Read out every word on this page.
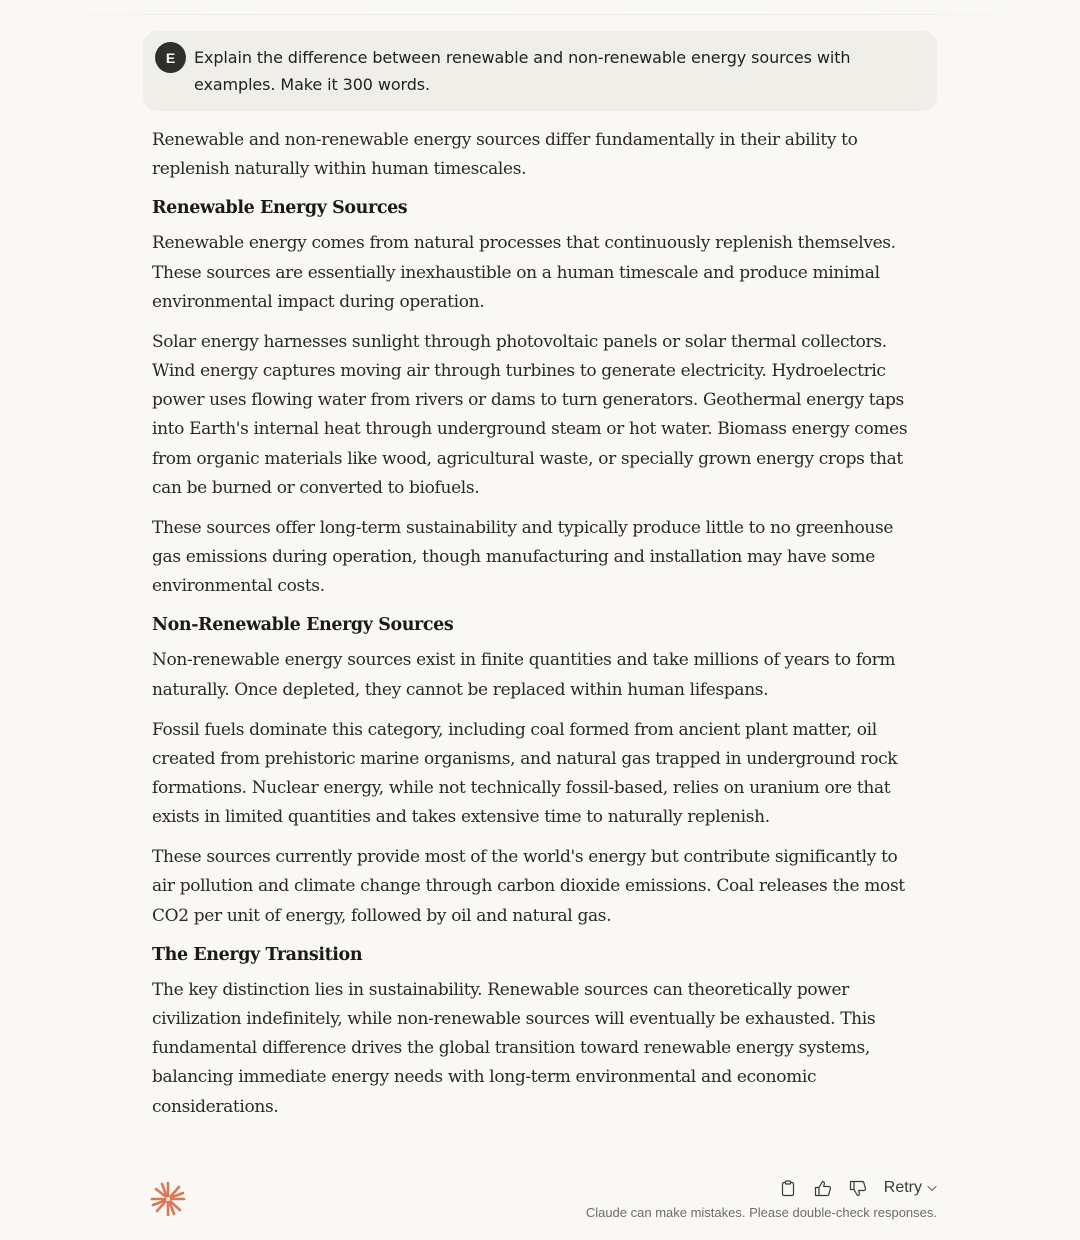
E	Explain the difference between renewable and non-renewable energy sources with examples. Make it 300 words.

Renewable and non-renewable energy sources differ fundamentally in their ability to replenish naturally within human timescales.

Renewable Energy Sources

Renewable energy comes from natural processes that continuously replenish themselves. These sources are essentially inexhaustible on a human timescale and produce minimal environmental impact during operation.

Solar energy harnesses sunlight through photovoltaic panels or solar thermal collectors. Wind energy captures moving air through turbines to generate electricity. Hydroelectric power uses flowing water from rivers or dams to turn generators. Geothermal energy taps into Earth's internal heat through underground steam or hot water. Biomass energy comes from organic materials like wood, agricultural waste, or specially grown energy crops that can be burned or converted to biofuels.

These sources offer long-term sustainability and typically produce little to no greenhouse gas emissions during operation, though manufacturing and installation may have some environmental costs.

Non-Renewable Energy Sources

Non-renewable energy sources exist in finite quantities and take millions of years to form naturally. Once depleted, they cannot be replaced within human lifespans.

Fossil fuels dominate this category, including coal formed from ancient plant matter, oil created from prehistoric marine organisms, and natural gas trapped in underground rock formations. Nuclear energy, while not technically fossil-based, relies on uranium ore that exists in limited quantities and takes extensive time to naturally replenish.

These sources currently provide most of the world's energy but contribute significantly to air pollution and climate change through carbon dioxide emissions. Coal releases the most CO2 per unit of energy, followed by oil and natural gas.

The Energy Transition

The key distinction lies in sustainability. Renewable sources can theoretically power civilization indefinitely, while non-renewable sources will eventually be exhausted. This fundamental difference drives the global transition toward renewable energy systems, balancing immediate energy needs with long-term environmental and economic considerations.

Retry
Claude can make mistakes. Please double-check responses.
